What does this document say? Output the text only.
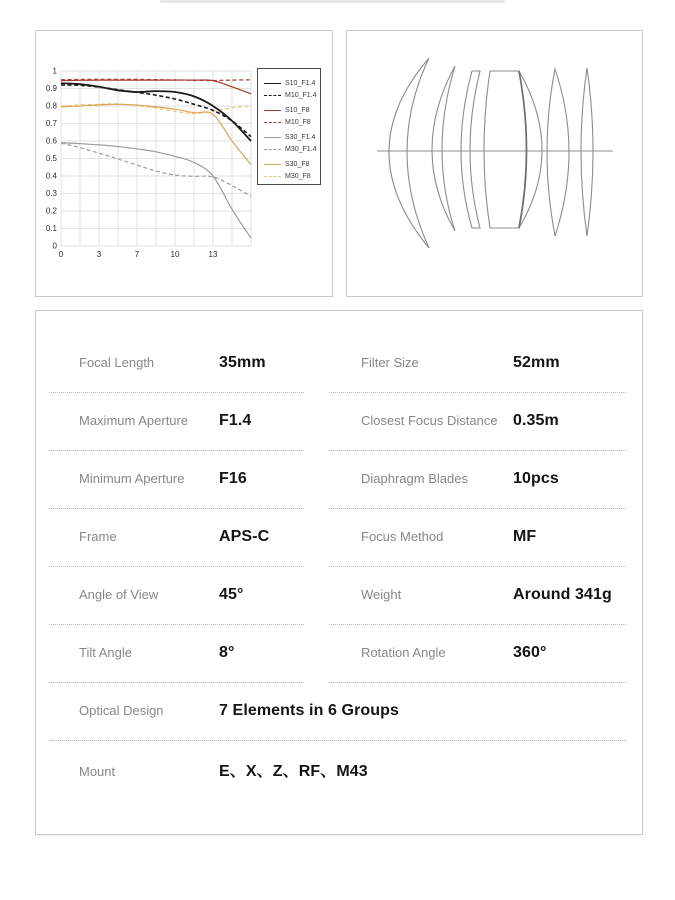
1
0.9
0.8
0.7
0.6
0.5
0.4
0.3
0.2
0.1
0
0	3	7	10	13
S10_F1.4
M10_F1.4
S10_F8
M10_F8
S30_F1.4
M30_F1.4
S30_F8
M30_F8
Focal Length	35mm	Filter Size	52mm
Maximum Aperture	F1.4	Closest Focus Distance 0.35m
Minimum Aperture	F16	Diaphragm Blades	10pcs
Frame	APS-C	Focus Method	MF
Angle of View	45°	Weight	Around 341g
Tilt Angle	8°	Rotation Angle	360°
Optical Design	7 Elements in 6 Groups
Mount	E、X、Z、RF、M43
